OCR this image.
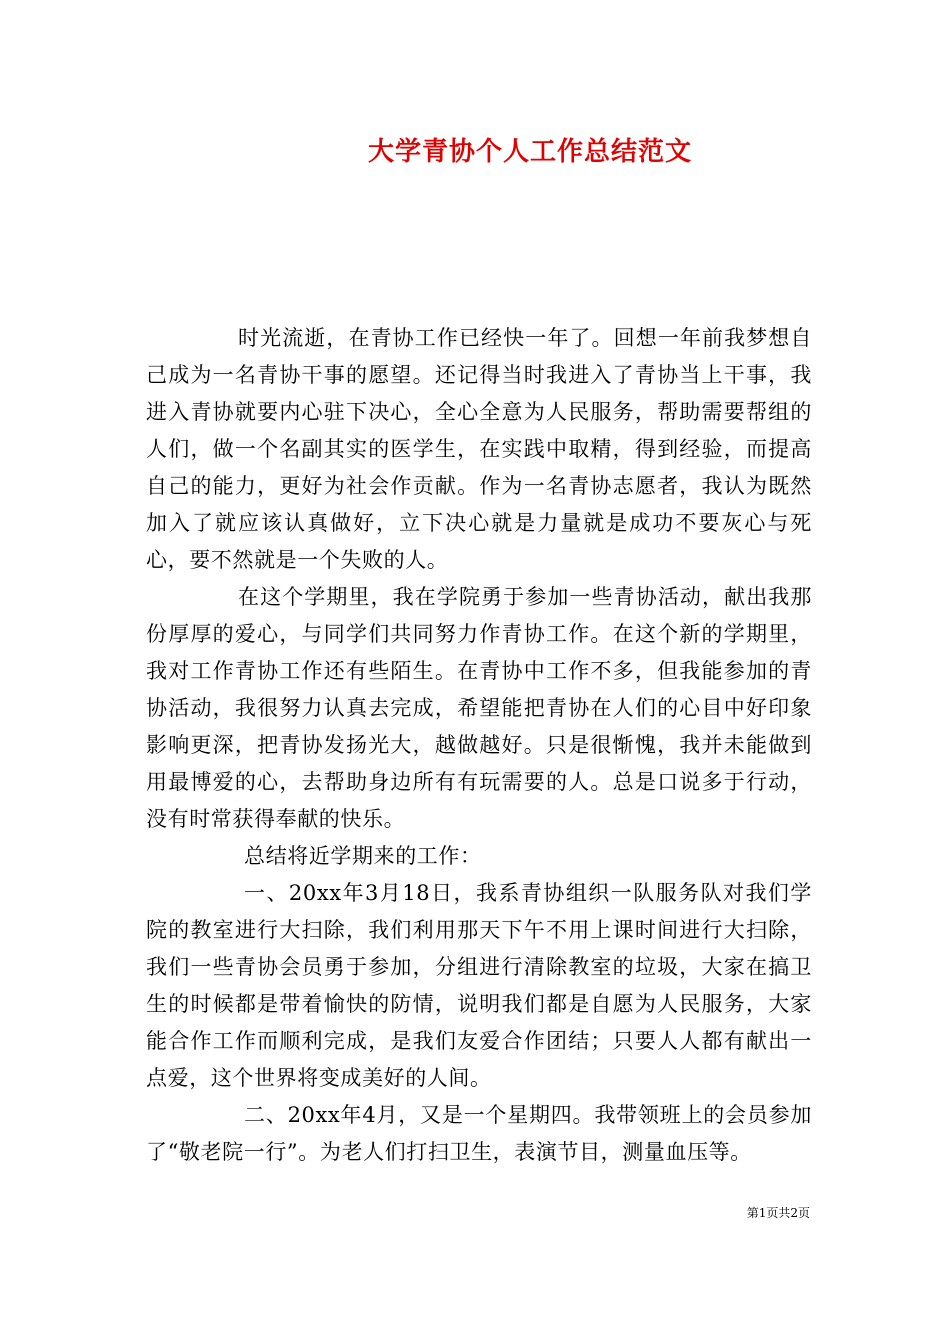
大学青协个人工作总结范文

时光流逝，在青协工作已经快一年了。回想一年前我梦想自己成为一名青协干事的愿望。还记得当时我进入了青协当上干事，我进入青协就要内心驻下决心，全心全意为人民服务，帮助需要帮组的人们，做一个名副其实的医学生，在实践中取精，得到经验，而提高自己的能力，更好为社会作贡献。作为一名青协志愿者，我认为既然加入了就应该认真做好，立下决心就是力量就是成功不要灰心与死心，要不然就是一个失败的人。

在这个学期里，我在学院勇于参加一些青协活动，献出我那份厚厚的爱心，与同学们共同努力作青协工作。在这个新的学期里，我对工作青协工作还有些陌生。在青协中工作不多，但我能参加的青协活动，我很努力认真去完成，希望能把青协在人们的心目中好印象影响更深，把青协发扬光大，越做越好。只是很惭愧，我并未能做到用最博爱的心，去帮助身边所有有玩需要的人。总是口说多于行动，没有时常获得奉献的快乐。

总结将近学期来的工作：

一、20xx年3月18日，我系青协组织一队服务队对我们学院的教室进行大扫除，我们利用那天下午不用上课时间进行大扫除，我们一些青协会员勇于参加，分组进行清除教室的垃圾，大家在搞卫生的时候都是带着愉快的防情，说明我们都是自愿为人民服务，大家能合作工作而顺利完成，是我们友爱合作团结；只要人人都有献出一点爱，这个世界将变成美好的人间。

二、20xx年4月，又是一个星期四。我带领班上的会员参加了“敬老院一行”。为老人们打扫卫生，表演节目，测量血压等。

第1页共2页
